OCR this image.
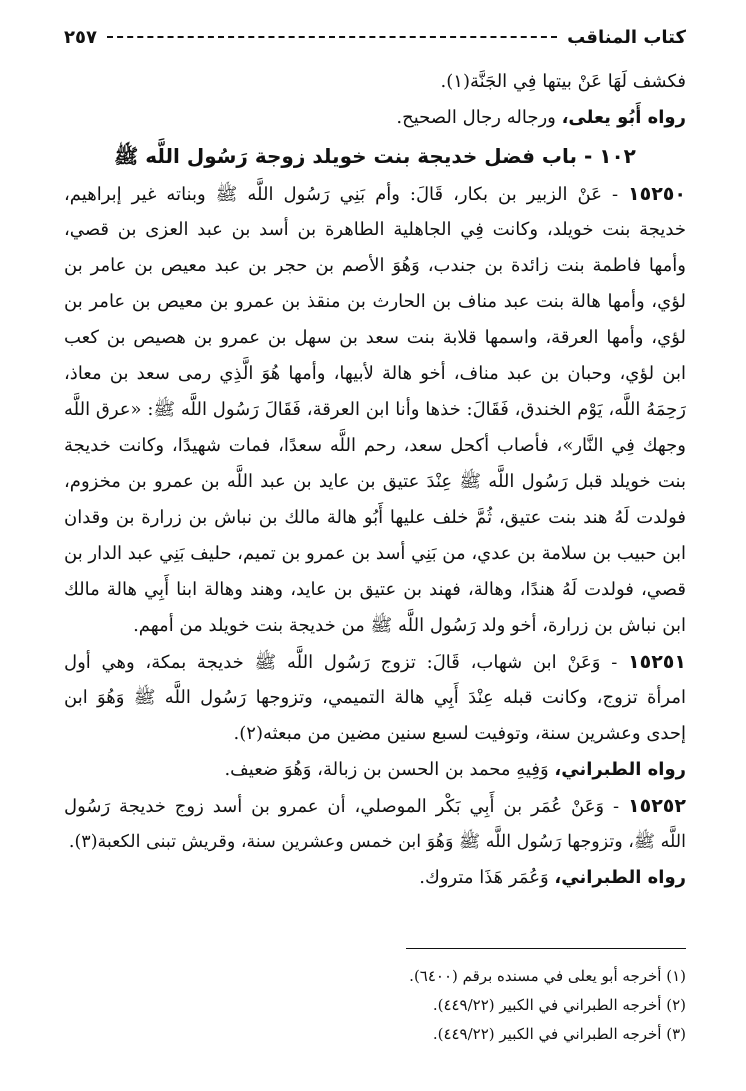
كتاب المناقب
٢٥٧
فكشف لَهَا عَنْ بيتها فِي الجَنَّة(١).
رواه أَبُو يعلى، ورجاله رجال الصحيح.
١٠٢ - باب فضل خديجة بنت خويلد زوجة رَسُول اللَّه ﷺ
١٥٢٥٠ - عَنْ الزبير بن بكار، قَالَ: وأم بَنِي رَسُول اللَّه ﷺ وبناته غير إبراهيم،
خديجة بنت خويلد، وكانت فِي الجاهلية الطاهرة بن أسد بن عبد العزى بن قصي،
وأمها فاطمة بنت زائدة بن جندب، وَهُوَ الأصم بن حجر بن عبد معيص بن عامر بن
لؤي، وأمها هالة بنت عبد مناف بن الحارث بن منقذ بن عمرو بن معيص بن عامر بن
لؤي، وأمها العرقة، واسمها قلابة بنت سعد بن سهل بن عمرو بن هصيص بن كعب
ابن لؤي، وحبان بن عبد مناف، أخو هالة لأبيها، وأمها هُوَ الَّذِي رمى سعد بن معاذ،
رَحِمَهُ اللَّه، يَوْم الخندق، فَقَالَ: خذها وأنا ابن العرقة، فَقَالَ رَسُول اللَّه ﷺ: «عرق اللَّه
وجهك فِي النَّار»، فأصاب أكحل سعد، رحم اللَّه سعدًا، فمات شهيدًا، وكانت خديجة
بنت خويلد قبل رَسُول اللَّه ﷺ عِنْدَ عتيق بن عايد بن عبد اللَّه بن عمرو بن مخزوم،
فولدت لَهُ هند بنت عتيق، ثُمَّ خلف عليها أَبُو هالة مالك بن نباش بن زرارة بن وقدان
ابن حبيب بن سلامة بن عدي، من بَنِي أسد بن عمرو بن تميم، حليف بَنِي عبد الدار بن
قصي، فولدت لَهُ هندًا، وهالة، فهند بن عتيق بن عايد، وهند وهالة ابنا أَبِي هالة مالك
ابن نباش بن زرارة، أخو ولد رَسُول اللَّه ﷺ من خديجة بنت خويلد من أمهم.
١٥٢٥١ - وَعَنْ ابن شهاب، قَالَ: تزوج رَسُول اللَّه ﷺ خديجة بمكة، وهي أول
امرأة تزوج، وكانت قبله عِنْدَ أَبِي هالة التميمي، وتزوجها رَسُول اللَّه ﷺ وَهُوَ ابن
إحدى وعشرين سنة، وتوفيت لسبع سنين مضين من مبعثه(٢).
رواه الطبراني، وَفِيهِ محمد بن الحسن بن زبالة، وَهُوَ ضعيف.
١٥٢٥٢ - وَعَنْ عُمَر بن أَبِي بَكْر الموصلي، أن عمرو بن أسد زوج خديجة رَسُول
اللَّه ﷺ، وتزوجها رَسُول اللَّه ﷺ وَهُوَ ابن خمس وعشرين سنة، وقريش تبنى الكعبة(٣).
رواه الطبراني، وَعُمَر هَذَا متروك.
(١) أخرجه أبو يعلى في مسنده برقم (٦٤٠٠).
(٢) أخرجه الطبراني في الكبير (٤٤٩/٢٢).
(٣) أخرجه الطبراني في الكبير (٤٤٩/٢٢).
